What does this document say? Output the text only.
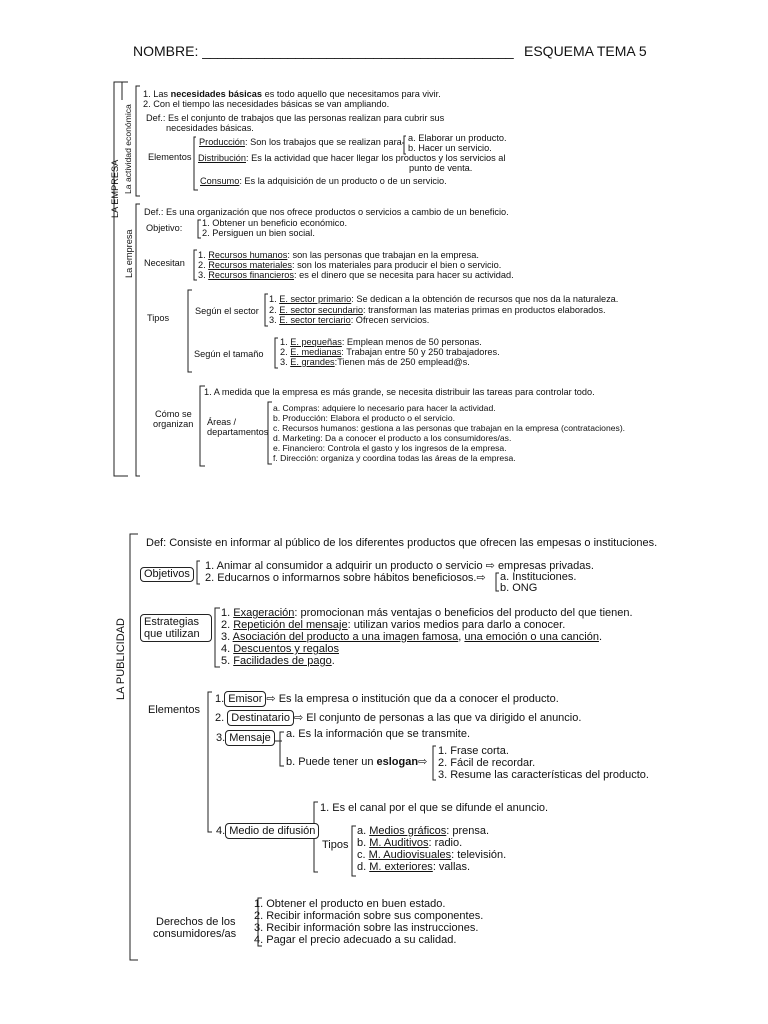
NOMBRE: ________________________________________ ESQUEMA TEMA 5
LA EMPRESA La actividad económica
La empresa
1. Las necesidades básicas es todo aquello que necesitamos para vivir.
2. Con el tiempo las necesidades básicas se van ampliando.
Def.: Es el conjunto de trabajos que las personas realizan para cubrir sus
necesidades básicas.
Elementos
Producción: Son los trabajos que se realizan para a. Elaborar un producto.
b. Hacer un servicio.
Distribución: Es la actividad que hacer llegar los productos y los servicios al
punto de venta.
Consumo: Es la adquisición de un producto o de un servicio.
Def.: Es una organización que nos ofrece productos o servicios a cambio de un beneficio.
Objetivo: 1. Obtener un beneficio económico.
2. Persiguen un bien social.
Necesitan
1. Recursos humanos: son las personas que trabajan en la empresa.
2. Recursos materiales: son los materiales para producir el bien o servicio.
3. Recursos financieros: es el dinero que se necesita para hacer su actividad.
Tipos
Según el sector
1. E. sector primario: Se dedican a la obtención de recursos que nos da la naturaleza.
2. E. sector secundario: transforman las materias primas en productos elaborados.
3. E. sector terciario: Ofrecen servicios.
Según el tamaño
1. E. pequeñas: Emplean menos de 50 personas.
2. E. medianas: Trabajan entre 50 y 250 trabajadores.
3. E. grandes:Tienen más de 250 emplead@s.
Cómo se
organizan
1. A medida que la empresa es más grande, se necesita distribuir las tareas para controlar todo.
Áreas /
departamentos
a. Compras: adquiere lo necesario para hacer la actividad.
b. Producción: Elabora el producto o el servicio.
c. Recursos humanos: gestiona a las personas que trabajan en la empresa (contrataciones).
d. Marketing: Da a conocer el producto a los consumidores/as.
e. Financiero: Controla el gasto y los ingresos de la empresa.
f. Dirección: organiza y coordina todas las áreas de la empresa.
LA PUBLICIDAD
Def: Consiste en informar al público de los diferentes productos que ofrecen las empesas o instituciones.
Objetivos
1. Animar al consumidor a adquirir un producto o servicio ⇨ empresas privadas.
2. Educarnos o informarnos sobre hábitos beneficiosos.⇨ a. Instituciones.
b. ONG
Estrategias
que utilizan
1. Exageración: promocionan más ventajas o beneficios del producto del que tienen.
2. Repetición del mensaje: utilizan varios medios para darlo a conocer.
3. Asociación del producto a una imagen famosa, una emoción o una canción.
4. Descuentos y regalos
5. Facilidades de pago.
Elementos
1. Emisor ⇨ Es la empresa o institución que da a conocer el producto.
2. Destinatario ⇨ El conjunto de personas a las que va dirigido el anuncio.
3. Mensaje	a. Es la información que se transmite.
b. Puede tener un eslogan⇨
1. Frase corta.
2. Fácil de recordar.
3. Resume las características del producto.
4. Medio de difusión
1. Es el canal por el que se difunde el anuncio.
Tipos
a. Medios gráficos: prensa.
b. M. Auditivos: radio.
c. M. Audiovisuales: televisión.
d. M. exteriores: vallas.
Derechos de los
consumidores/as
1. Obtener el producto en buen estado.
2. Recibir información sobre sus componentes.
3. Recibir información sobre las instrucciones.
4. Pagar el precio adecuado a su calidad.
